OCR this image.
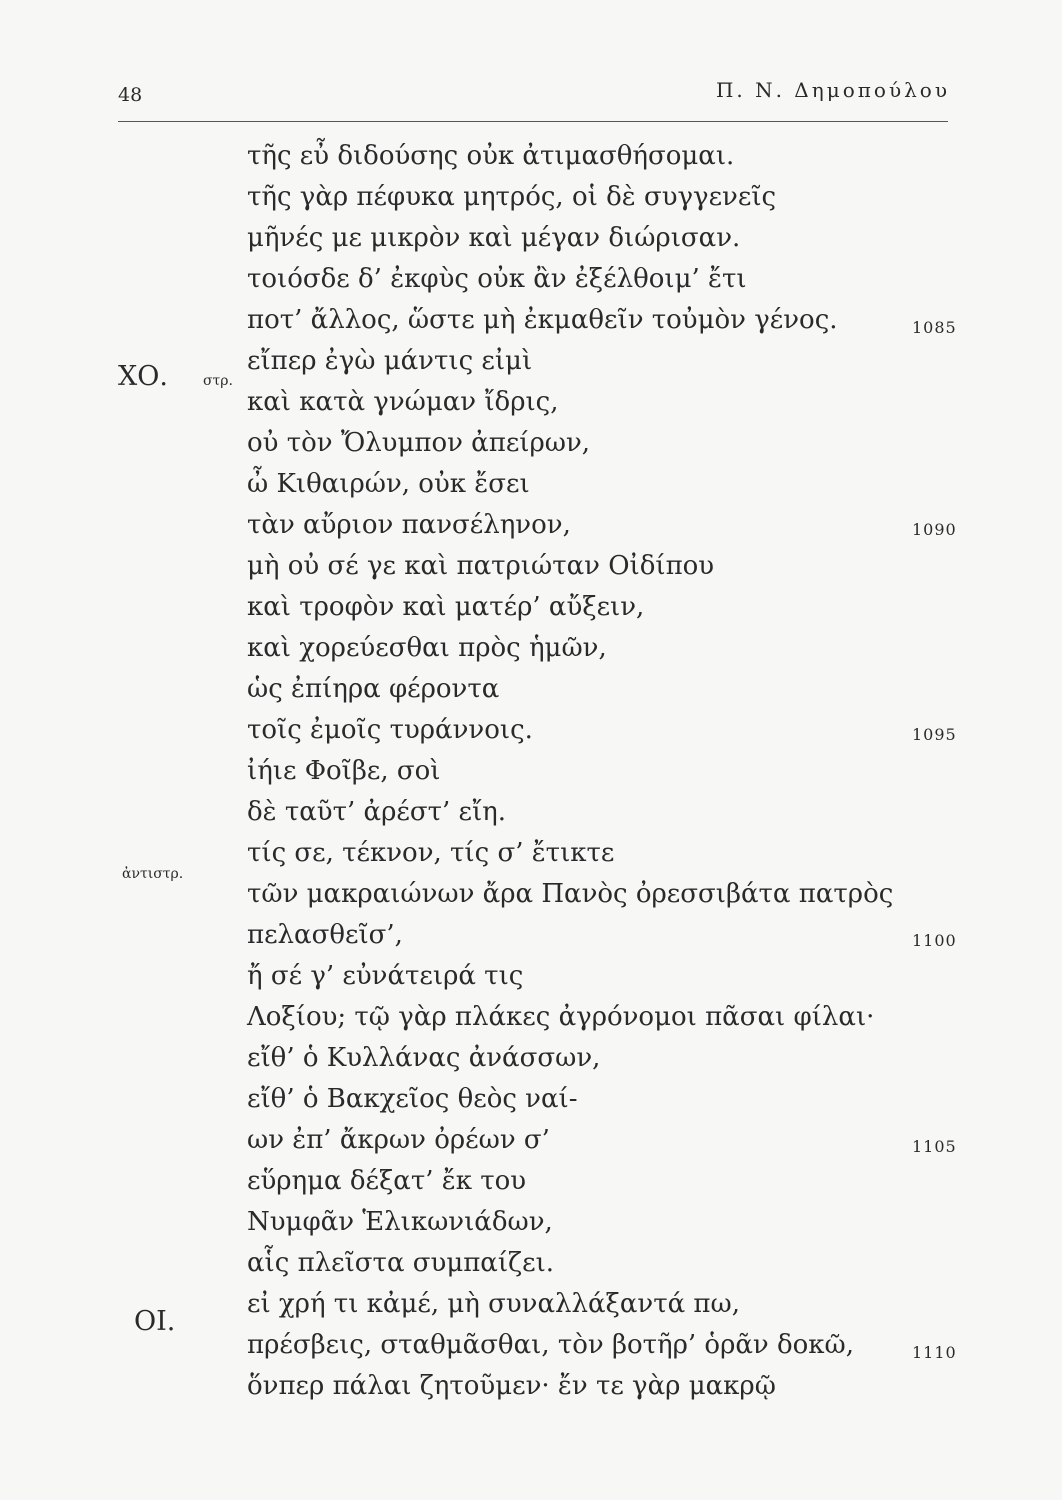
48	Π. Ν. Δημοπούλου
ΧΟ.	στρ.
ἀντιστρ.
ΟΙ.
1085
1090
1095
1100
1105
1110
τῆς εὖ διδούσης οὐκ ἀτιμασθήσομαι.
τῆς γὰρ πέφυκα μητρός, οἱ δὲ συγγενεῖς
μῆνές με μικρὸν καὶ μέγαν διώρισαν.
τοιόσδε δ’ ἐκφὺς οὐκ ἂν ἐξέλθοιμ’ ἔτι
ποτ’ ἄλλος, ὥστε μὴ ἐκμαθεῖν τοὐμὸν γένος.
εἴπερ ἐγὼ μάντις εἰμὶ
καὶ κατὰ γνώμαν ἴδρις,
οὐ τὸν Ὄλυμπον ἀπείρων,
ὦ Κιθαιρών, οὐκ ἔσει
τὰν αὔριον πανσέληνον,
μὴ οὐ σέ γε καὶ πατριώταν Οἰδίπου
καὶ τροφὸν καὶ ματέρ’ αὔξειν,
καὶ χορεύεσθαι πρὸς ἡμῶν,
ὡς ἐπίηρα φέροντα
τοῖς ἐμοῖς τυράννοις.
ἰήιε Φοῖβε, σοὶ
δὲ ταῦτ’ ἀρέστ’ εἴη.
τίς σε, τέκνον, τίς σ’ ἔτικτε
τῶν μακραιώνων ἄρα Πανὸς ὀρεσσιβάτα πατρὸς
πελασθεῖσ’,
ἤ σέ γ’ εὐνάτειρά τις
Λοξίου; τῷ γὰρ πλάκες ἀγρόνομοι πᾶσαι φίλαι·
εἴθ’ ὁ Κυλλάνας ἀνάσσων,
εἴθ’ ὁ Βακχεῖος θεὸς ναί-
ων ἐπ’ ἄκρων ὀρέων σ’
εὕρημα δέξατ’ ἔκ του
Νυμφᾶν Ἑλικωνιάδων,
αἷς πλεῖστα συμπαίζει.
εἰ χρή τι κἀμέ, μὴ συναλλάξαντά πω,
πρέσβεις, σταθμᾶσθαι, τὸν βοτῆρ’ ὁρᾶν δοκῶ,
ὅνπερ πάλαι ζητοῦμεν· ἔν τε γὰρ μακρῷ
